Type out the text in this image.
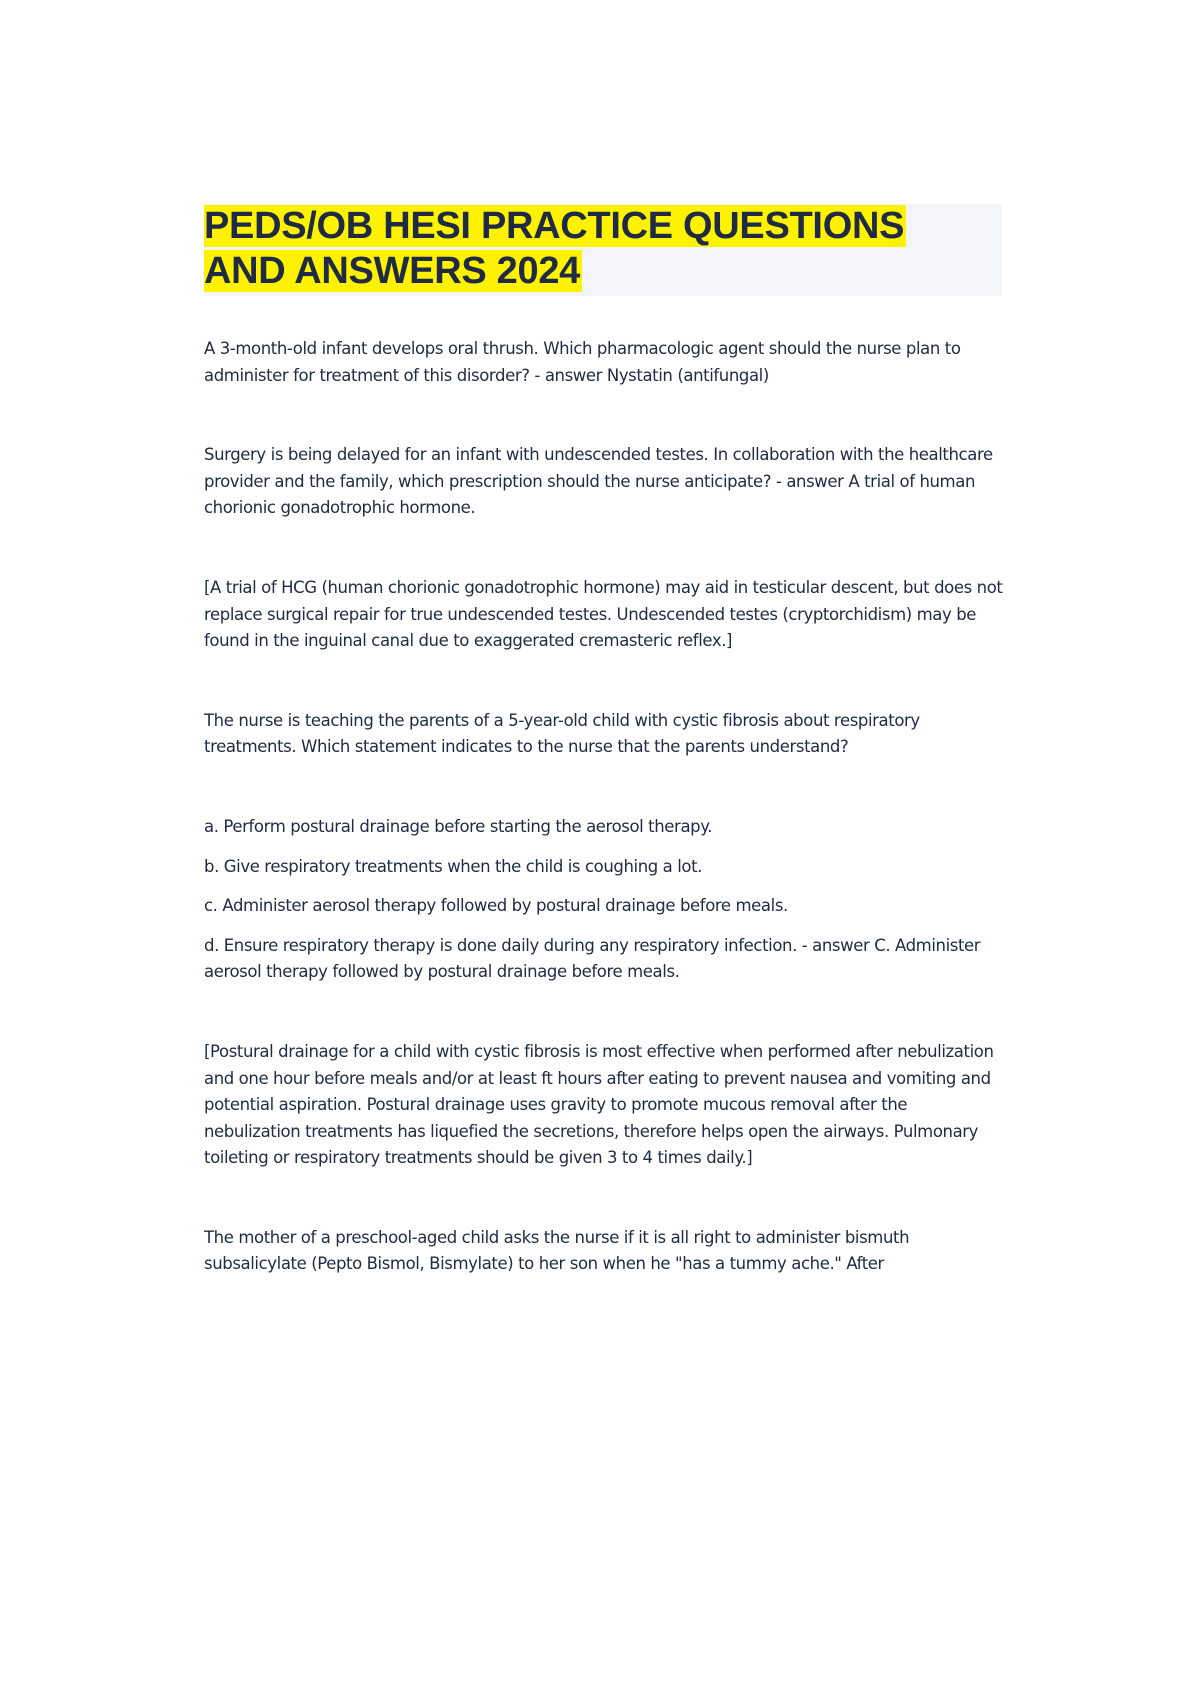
PEDS/OB HESI PRACTICE QUESTIONS
AND ANSWERS 2024

A 3-month-old infant develops oral thrush. Which pharmacologic agent should the nurse plan to administer for treatment of this disorder? - answer Nystatin (antifungal)

Surgery is being delayed for an infant with undescended testes. In collaboration with the healthcare provider and the family, which prescription should the nurse anticipate? - answer A trial of human chorionic gonadotrophic hormone.

[A trial of HCG (human chorionic gonadotrophic hormone) may aid in testicular descent, but does not replace surgical repair for true undescended testes. Undescended testes (cryptorchidism) may be found in the inguinal canal due to exaggerated cremasteric reflex.]

The nurse is teaching the parents of a 5-year-old child with cystic fibrosis about respiratory treatments. Which statement indicates to the nurse that the parents understand?

a. Perform postural drainage before starting the aerosol therapy.

b. Give respiratory treatments when the child is coughing a lot.

c. Administer aerosol therapy followed by postural drainage before meals.

d. Ensure respiratory therapy is done daily during any respiratory infection. - answer C. Administer aerosol therapy followed by postural drainage before meals.

[Postural drainage for a child with cystic fibrosis is most effective when performed after nebulization and one hour before meals and/or at least ft hours after eating to prevent nausea and vomiting and potential aspiration. Postural drainage uses gravity to promote mucous removal after the nebulization treatments has liquefied the secretions, therefore helps open the airways. Pulmonary toileting or respiratory treatments should be given 3 to 4 times daily.]

The mother of a preschool-aged child asks the nurse if it is all right to administer bismuth subsalicylate (Pepto Bismol, Bismylate) to her son when he "has a tummy ache." After
